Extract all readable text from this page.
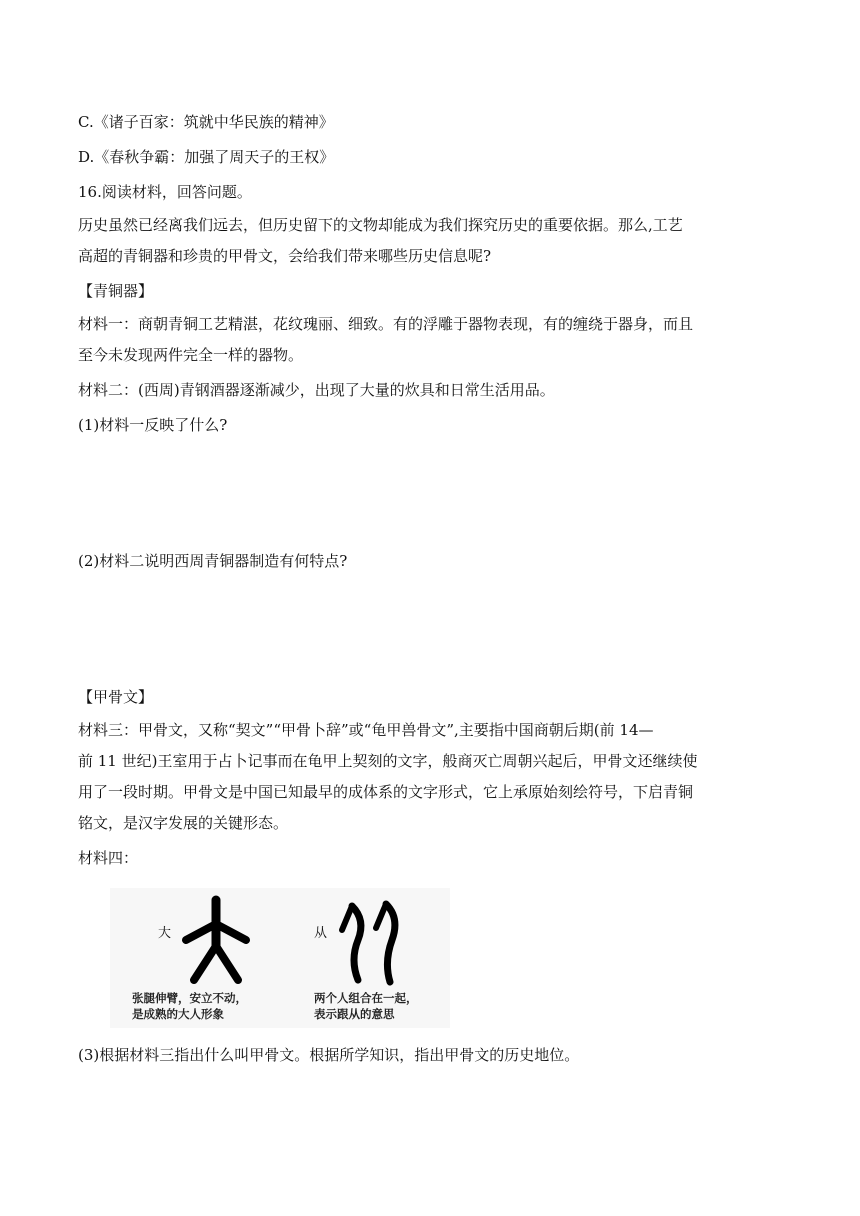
C.《诸子百家：筑就中华民族的精神》
D.《春秋争霸：加强了周天子的王权》
16.阅读材料，回答问题。
历史虽然已经离我们远去，但历史留下的文物却能成为我们探究历史的重要依据。那么,工艺
高超的青铜器和珍贵的甲骨文，会给我们带来哪些历史信息呢?
【青铜器】
材料一：商朝青铜工艺精湛，花纹瑰丽、细致。有的浮雕于器物表现，有的缠绕于器身，而且
至今未发现两件完全一样的器物。
材料二：(西周)青钢酒器逐渐减少，出现了大量的炊具和日常生活用品。
(1)材料一反映了什么?
(2)材料二说明西周青铜器制造有何特点?
【甲骨文】
材料三：甲骨文，又称“契文”“甲骨卜辞”或“龟甲兽骨文”,主要指中国商朝后期(前 14—
前 11 世纪)王室用于占卜记事而在龟甲上契刻的文字，般商灭亡周朝兴起后，甲骨文还继续使
用了一段时期。甲骨文是中国已知最早的成体系的文字形式，它上承原始刻绘符号，下启青铜
铭文，是汉字发展的关键形态。
材料四：
大	从
张腿伸臂，安立不动，
是成熟的大人形象
两个人组合在一起，
表示跟从的意思
(3)根据材料三指出什么叫甲骨文。根据所学知识，指出甲骨文的历史地位。
